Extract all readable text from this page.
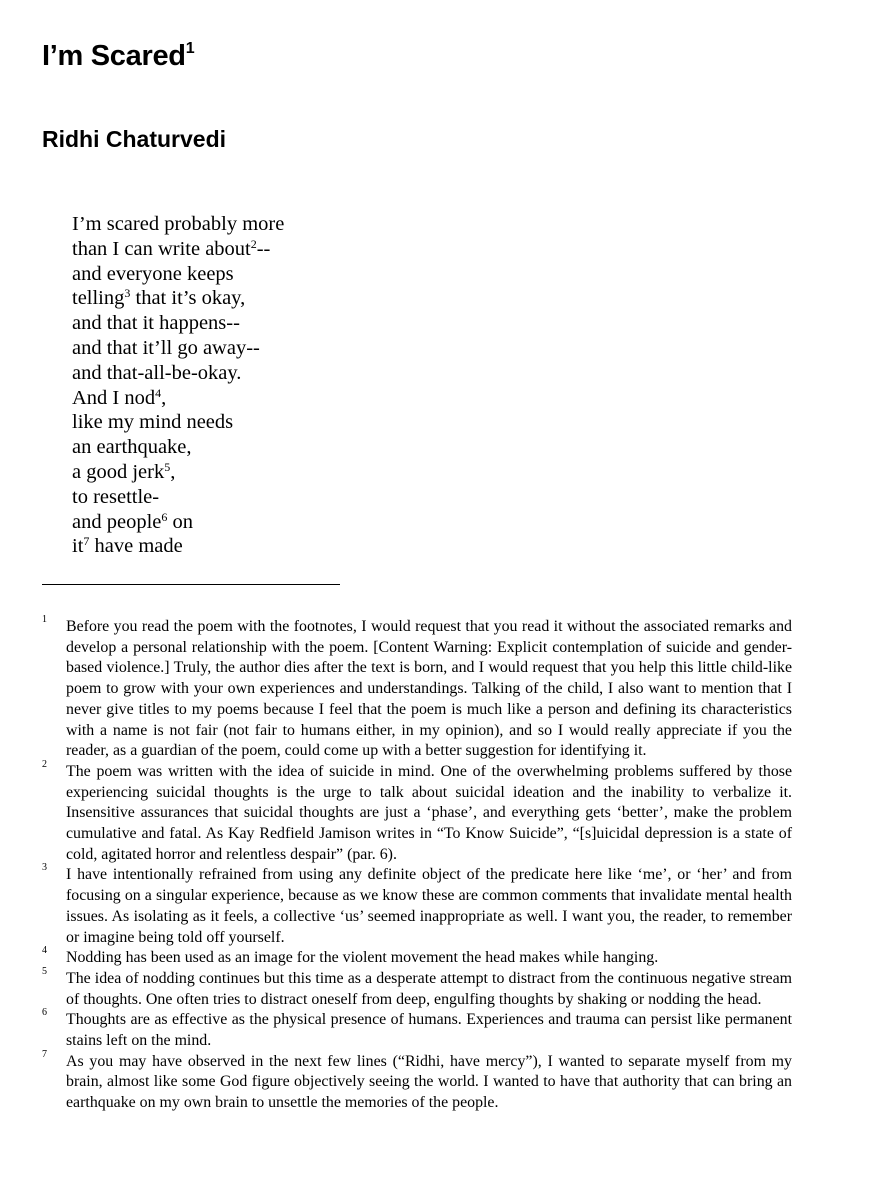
I’m Scared$^1$
Ridhi Chaturvedi
I’m scared probably more
than I can write about$^2$--
and everyone keeps
telling$^3$ that it’s okay,
and that it happens--
and that it’ll go away--
and that-all-be-okay.
And I nod$^4$,
like my mind needs
an earthquake,
a good jerk$^5$,
to resettle-
and people$^6$ on
$it^7$ have made
1 Before you read the poem with the footnotes, I would request that you read it without the associated remarks and develop a personal relationship with the poem. [Content Warning: Explicit contemplation of suicide and gender-based violence.] Truly, the author dies after the text is born, and I would request that you help this little child-like poem to grow with your own experiences and understandings. Talking of the child, I also want to mention that I never give titles to my poems because I feel that the poem is much like a person and defining its characteristics with a name is not fair (not fair to humans either, in my opinion), and so I would really appreciate if you the reader, as a guardian of the poem, could come up with a better suggestion for identifying it.
2 The poem was written with the idea of suicide in mind. One of the overwhelming problems suffered by those experiencing suicidal thoughts is the urge to talk about suicidal ideation and the inability to verbalize it. Insensitive assurances that suicidal thoughts are just a ‘phase’, and everything gets ‘better’, make the problem cumulative and fatal. As Kay Redfield Jamison writes in “To Know Suicide”, “[s]uicidal depression is a state of cold, agitated horror and relentless despair” (par. 6).
3 I have intentionally refrained from using any definite object of the predicate here like ‘me’, or ‘her’ and from focusing on a singular experience, because as we know these are common comments that invalidate mental health issues. As isolating as it feels, a collective ‘us’ seemed inappropriate as well. I want you, the reader, to remember or imagine being told off yourself.
4 Nodding has been used as an image for the violent movement the head makes while hanging.
5 The idea of nodding continues but this time as a desperate attempt to distract from the continuous negative stream of thoughts. One often tries to distract oneself from deep, engulfing thoughts by shaking or nodding the head.
6 Thoughts are as effective as the physical presence of humans. Experiences and trauma can persist like permanent stains left on the mind.
7 As you may have observed in the next few lines (“Ridhi, have mercy”), I wanted to separate myself from my brain, almost like some God figure objectively seeing the world. I wanted to have that authority that can bring an earthquake on my own brain to unsettle the memories of the people.
